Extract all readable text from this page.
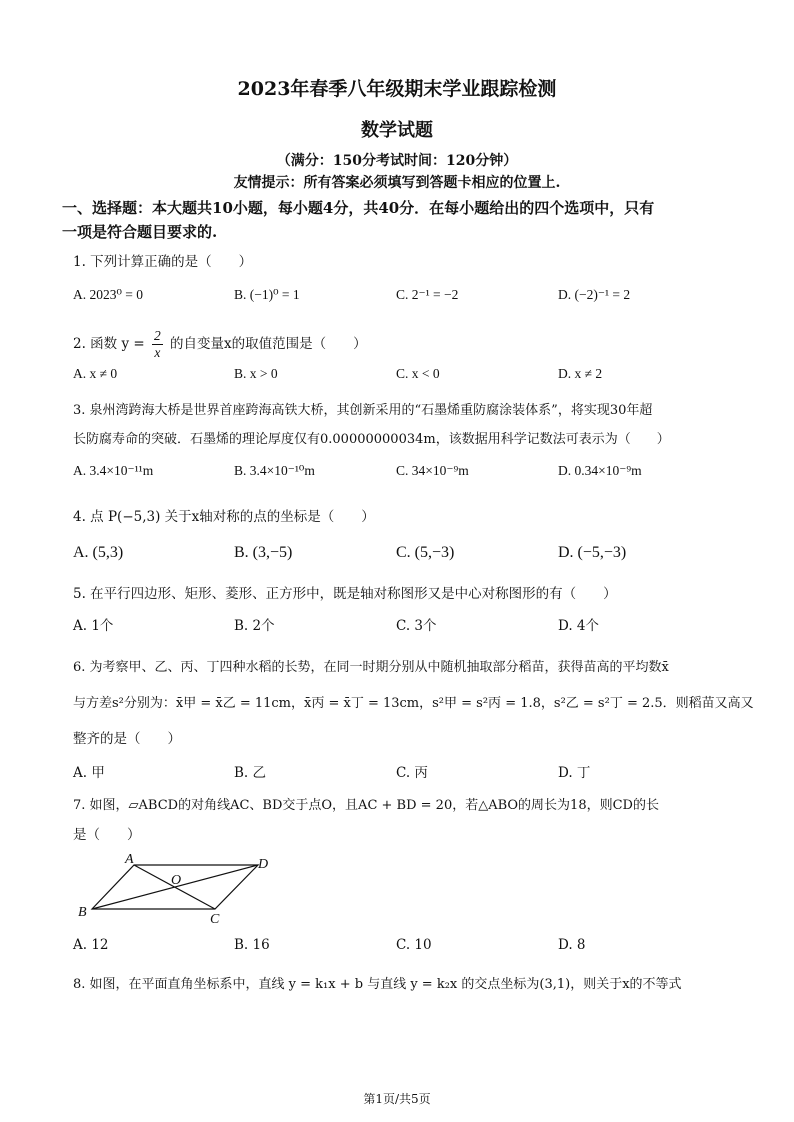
2023年春季八年级期末学业跟踪检测
数学试题
（满分：150分考试时间：120分钟）
友情提示：所有答案必须填写到答题卡相应的位置上.
一、选择题：本大题共10小题，每小题4分，共40分．在每小题给出的四个选项中，只有
一项是符合题目要求的.
1. 下列计算正确的是（　　）
A. 2023⁰ = 0	B. (−1)⁰ = 1	C. 2⁻¹ = −2	D. (−2)⁻¹ = 2
2. 函数 $y = \frac{2}{x}$ 的自变量x的取值范围是（　　）
A. x ≠ 0	B. x > 0	C. x < 0	D. x ≠ 2
3. 泉州湾跨海大桥是世界首座跨海高铁大桥，其创新采用的“石墨烯重防腐涂装体系”，将实现30年超
长防腐寿命的突破．石墨烯的理论厚度仅有0.00000000034m，该数据用科学记数法可表示为（　　）
A. 3.4×10⁻¹¹m	B. 3.4×10⁻¹⁰m	C. 34×10⁻⁹m	D. 0.34×10⁻⁹m
4. 点 P(−5,3) 关于x轴对称的点的坐标是（　　）
A. (5,3)	B. (3,−5)	C. (5,−3)	D. (−5,−3)
5. 在平行四边形、矩形、菱形、正方形中，既是轴对称图形又是中心对称图形的有（　　）
A. 1个	B. 2个	C. 3个	D. 4个
6. 为考察甲、乙、丙、丁四种水稻的长势，在同一时期分别从中随机抽取部分稻苗，获得苗高的平均数x̄
与方差s²分别为：x̄甲 = x̄乙 = 11cm，x̄丙 = x̄丁 = 13cm，s²甲 = s²丙 = 1.8，s²乙 = s²丁 = 2.5．则稻苗又高又
整齐的是（　　）
A. 甲	B. 乙	C. 丙	D. 丁
7. 如图，▱ABCD的对角线AC、BD交于点O，且AC + BD = 20，若△ABO的周长为18，则CD的长
是（　　）
A	D
B	C
O
A. 12	B. 16	C. 10	D. 8
8. 如图，在平面直角坐标系中，直线 y = k₁x + b 与直线 y = k₂x 的交点坐标为(3,1)，则关于x的不等式
第1页/共5页
